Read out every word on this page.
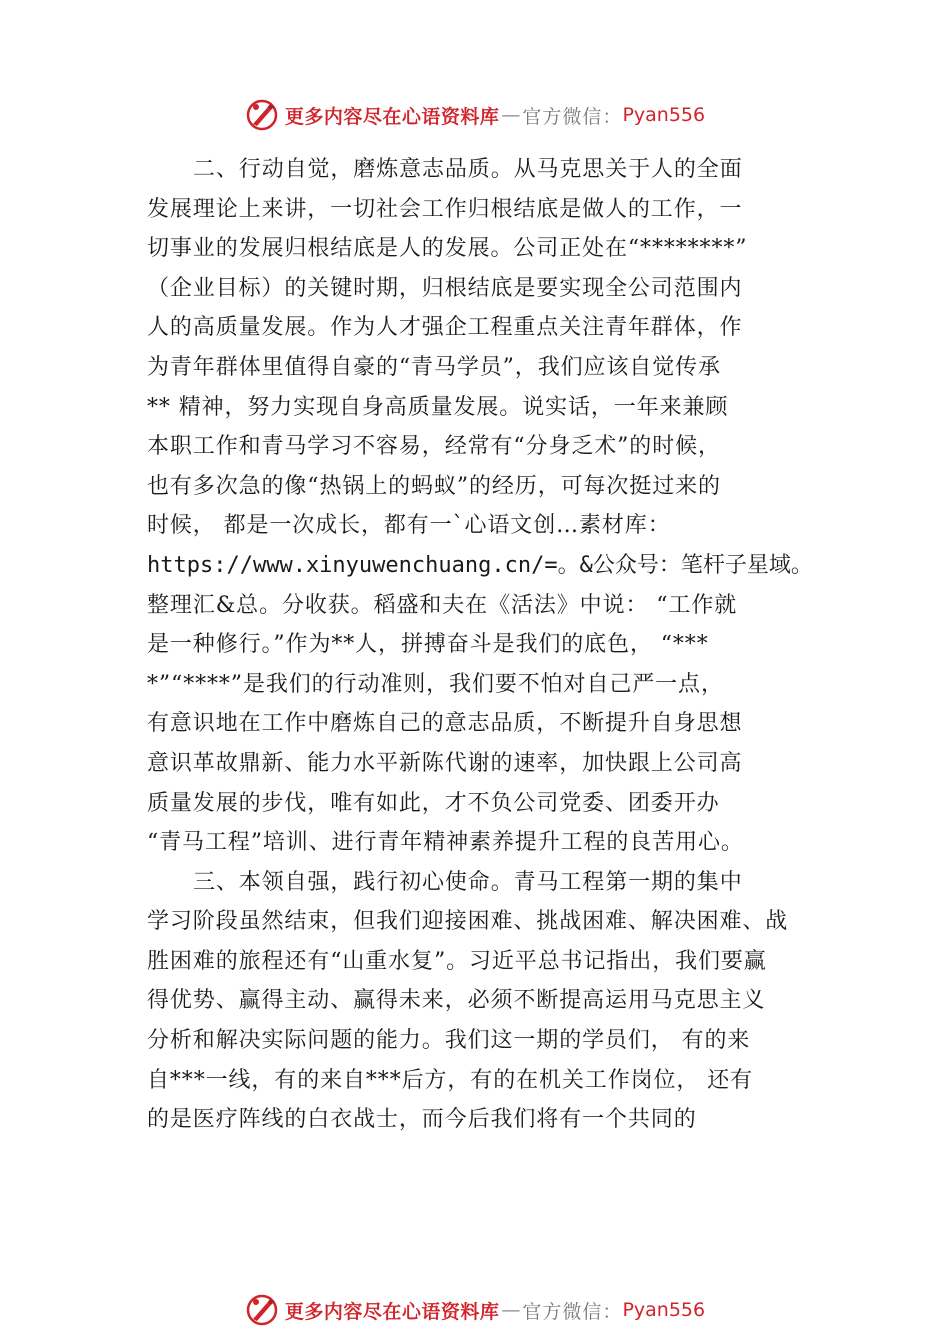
更多内容尽在心语资料库 — 官方微信： Pyan556
二、行动自觉，磨炼意志品质。从马克思关于人的全面
发展理论上来讲，一切社会工作归根结底是做人的工作，一
切事业的发展归根结底是人的发展。公司正处在“********”
（企业目标）的关键时期，归根结底是要实现全公司范围内
人的高质量发展。作为人才强企工程重点关注青年群体，作
为青年群体里值得自豪的“青马学员”，我们应该自觉传承
** 精神，努力实现自身高质量发展。说实话，一年来兼顾
本职工作和青马学习不容易，经常有“分身乏术”的时候，
也有多次急的像“热锅上的蚂蚁”的经历，可每次挺过来的
时候， 都是一次成长，都有一`心语文创…素材库：
https://www.xinyuwenchuang.cn/=。&公众号：笔杆子星域。
整理汇&总。分收获。稻盛和夫在《活法》中说： “工作就
是一种修行。”作为**人，拼搏奋斗是我们的底色， “***
*”“****”是我们的行动准则，我们要不怕对自己严一点，
有意识地在工作中磨炼自己的意志品质，不断提升自身思想
意识革故鼎新、能力水平新陈代谢的速率，加快跟上公司高
质量发展的步伐，唯有如此，才不负公司党委、团委开办
“青马工程”培训、进行青年精神素养提升工程的良苦用心。
三、本领自强，践行初心使命。青马工程第一期的集中
学习阶段虽然结束，但我们迎接困难、挑战困难、解决困难、战
胜困难的旅程还有“山重水复”。习近平总书记指出，我们要赢
得优势、赢得主动、赢得未来，必须不断提高运用马克思主义
分析和解决实际问题的能力。我们这一期的学员们， 有的来
自***一线，有的来自***后方，有的在机关工作岗位， 还有
的是医疗阵线的白衣战士，而今后我们将有一个共同的
更多内容尽在心语资料库 — 官方微信： Pyan556
